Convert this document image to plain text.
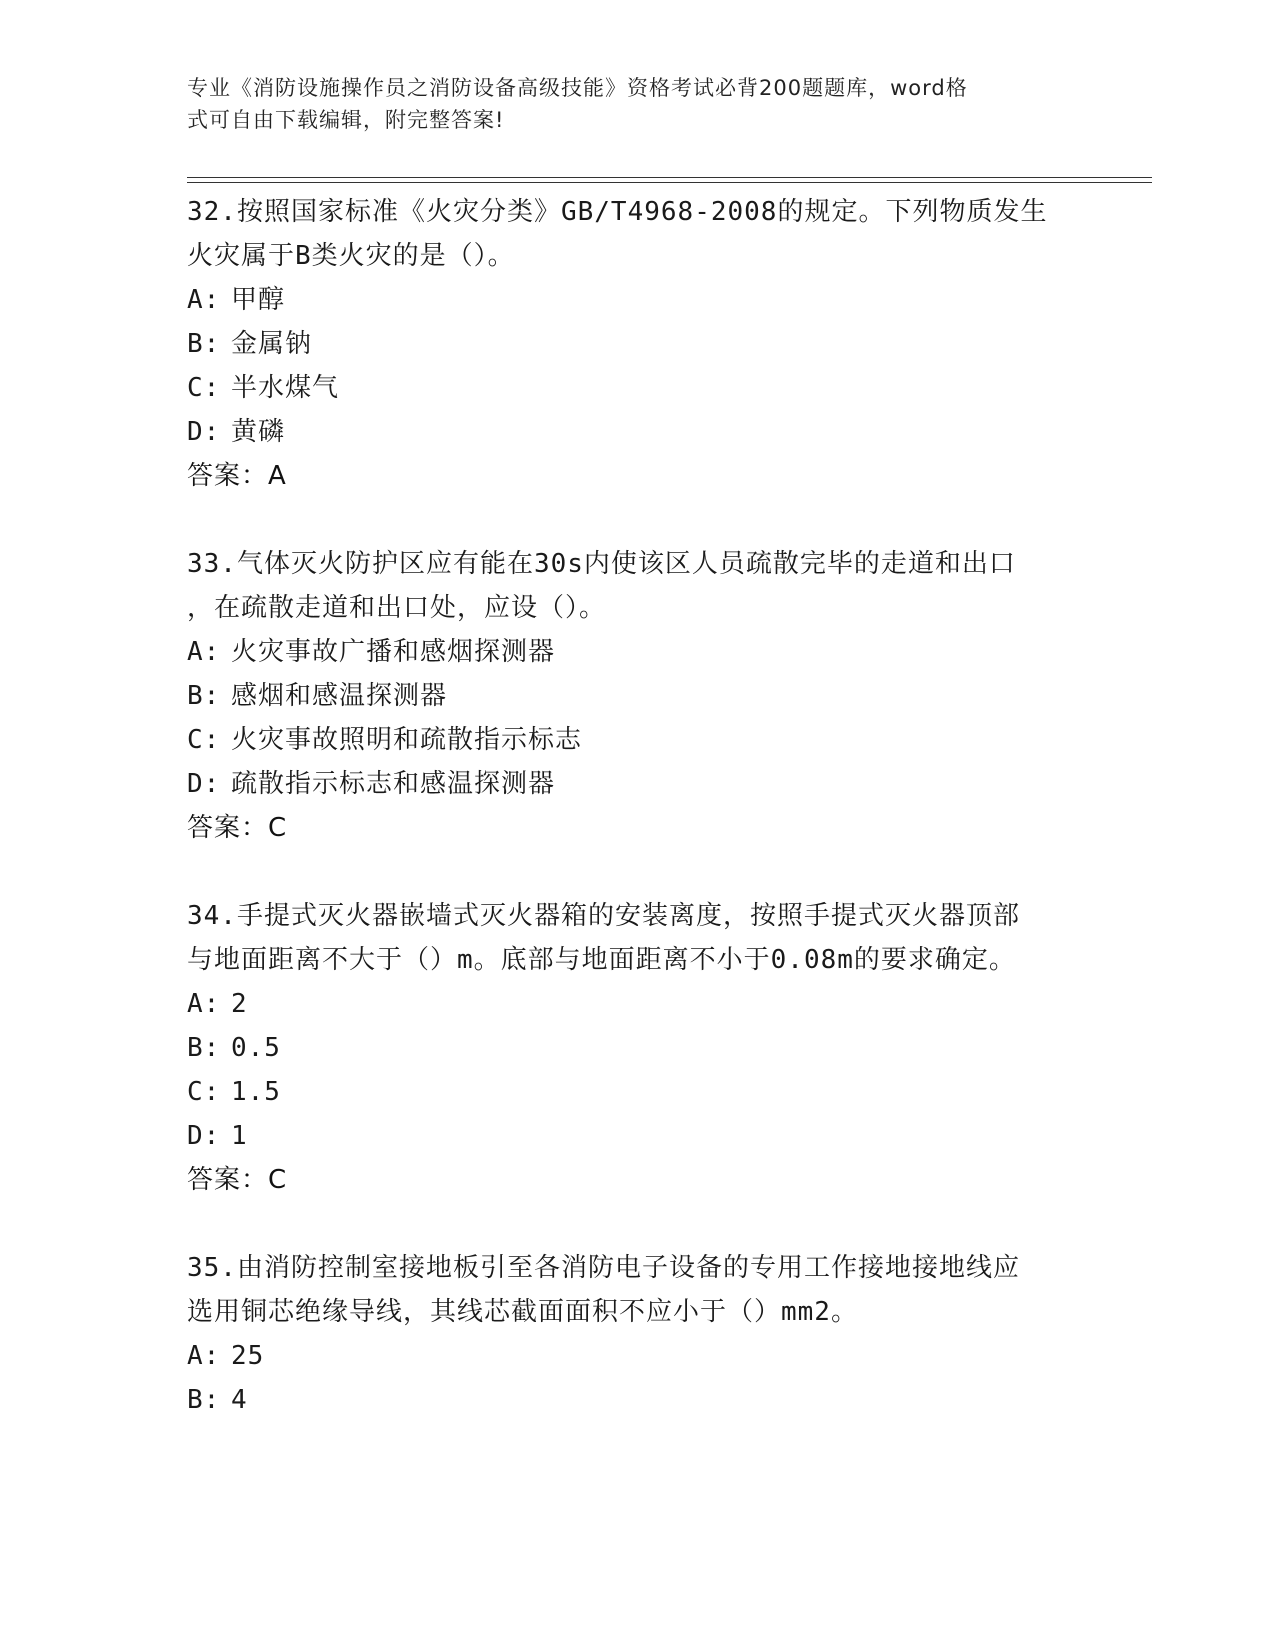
专业《消防设施操作员之消防设备高级技能》资格考试必背200题题库，word格
式可自由下载编辑，附完整答案!

32.按照国家标准《火灾分类》GB/T4968-2008的规定。下列物质发生

火灾属于B类火灾的是（）。

A: 甲醇

B: 金属钠

C: 半水煤气

D: 黄磷

答案：A

33.气体灭火防护区应有能在30s内使该区人员疏散完毕的走道和出口

，在疏散走道和出口处，应设（）。

A: 火灾事故广播和感烟探测器

B: 感烟和感温探测器

C: 火灾事故照明和疏散指示标志

D: 疏散指示标志和感温探测器

答案：C

34.手提式灭火器嵌墙式灭火器箱的安装离度，按照手提式灭火器顶部

与地面距离不大于（）m。底部与地面距离不小于0.08m的要求确定。

A: 2

B: 0.5

C: 1.5

D: 1

答案：C

35.由消防控制室接地板引至各消防电子设备的专用工作接地接地线应

选用铜芯绝缘导线，其线芯截面面积不应小于（）mm2。

A: 25

B: 4
